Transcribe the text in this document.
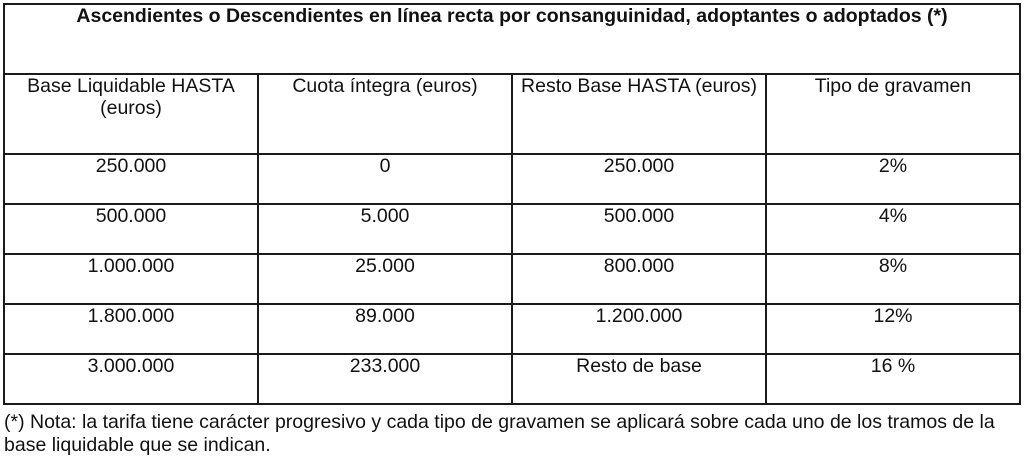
Ascendientes o Descendientes en línea recta por consanguinidad, adoptantes o adoptados (*)			
Base Liquidable HASTA (euros)	Cuota íntegra (euros)	Resto Base HASTA (euros)	Tipo de gravamen
250.000	0	250.000	2%
500.000	5.000	500.000	4%
1.000.000	25.000	800.000	8%
1.800.000	89.000	1.200.000	12%
3.000.000	233.000	Resto de base	16 %
(*) Nota: la tarifa tiene carácter progresivo y cada tipo de gravamen se aplicará sobre cada uno de los tramos de la base liquidable que se indican.
